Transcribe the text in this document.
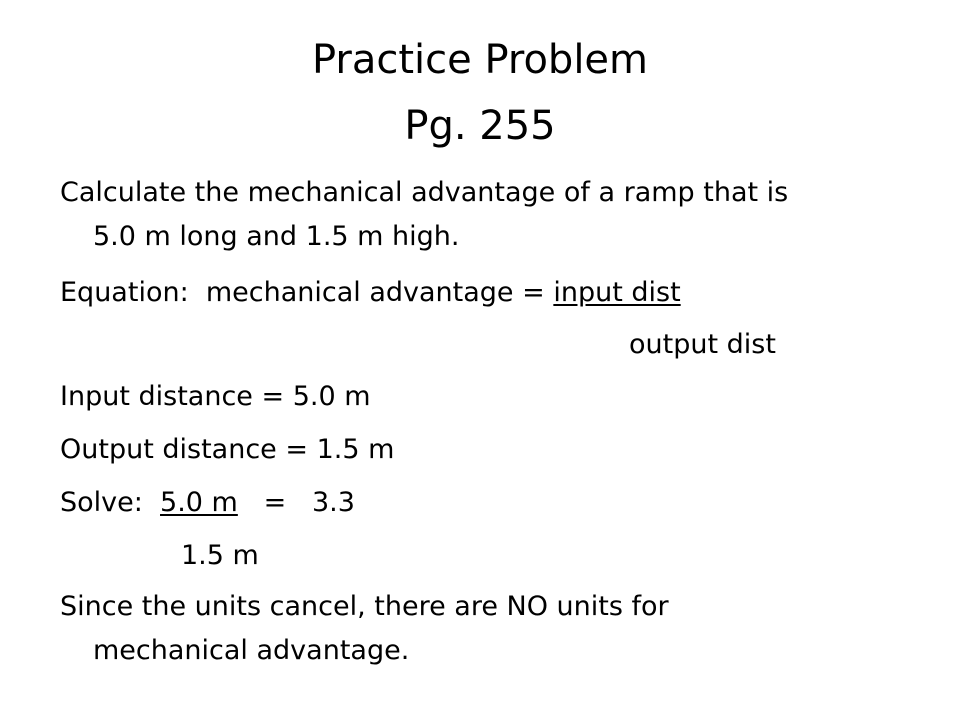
Practice Problem
Pg. 255
Calculate the mechanical advantage of a ramp that is
5.0 m long and 1.5 m high.
Equation:  mechanical advantage = input dist
output dist
Input distance = 5.0 m
Output distance = 1.5 m
Solve:  5.0 m   =   3.3
1.5 m
Since the units cancel, there are NO units for
mechanical advantage.
